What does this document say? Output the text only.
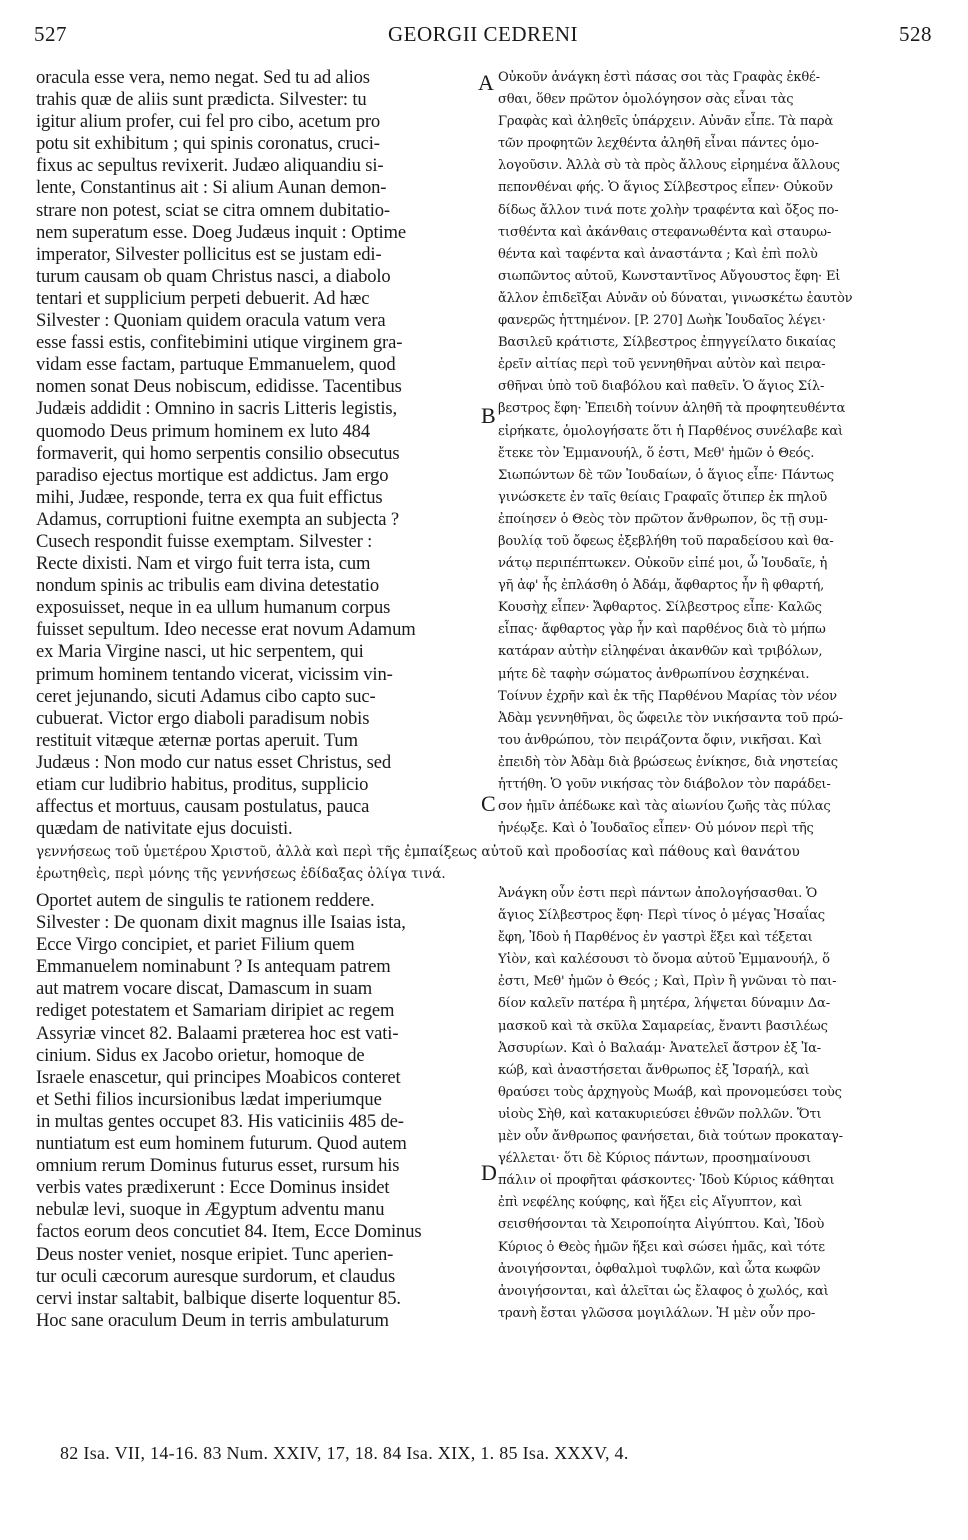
527	GEORGII CEDRENI	528
oracula esse vera, nemo negat. Sed tu ad alios
trahis quæ de aliis sunt prædicta. Silvester: tu
igitur alium profer, cui fel pro cibo, acetum pro
potu sit exhibitum ; qui spinis coronatus, cruci-
fixus ac sepultus revixerit. Judæo aliquandiu si-
lente, Constantinus ait : Si alium Aunan demon-
strare non potest, sciat se citra omnem dubitatio-
nem superatum esse. Doeg Judæus inquit : Optime
imperator, Silvester pollicitus est se justam edi-
turum causam ob quam Christus nasci, a diabolo
tentari et supplicium perpeti debuerit. Ad hæc
Silvester : Quoniam quidem oracula vatum vera
esse fassi estis, confitebimini utique virginem gra-
vidam esse factam, partuque Emmanuelem, quod
nomen sonat Deus nobiscum, edidisse. Tacentibus
Judæis addidit : Omnino in sacris Litteris legistis,
quomodo Deus primum hominem ex luto 484
formaverit, qui homo serpentis consilio obsecutus
paradiso ejectus mortique est addictus. Jam ergo
mihi, Judæe, responde, terra ex qua fuit effictus
Adamus, corruptioni fuitne exempta an subjecta ?
Cusech respondit fuisse exemptam. Silvester :
Recte dixisti. Nam et virgo fuit terra ista, cum
nondum spinis ac tribulis eam divina detestatio
exposuisset, neque in ea ullum humanum corpus
fuisset sepultum. Ideo necesse erat novum Adamum
ex Maria Virgine nasci, ut hic serpentem, qui
primum hominem tentando vicerat, vicissim vin-
ceret jejunando, sicuti Adamus cibo capto suc-
cubuerat. Victor ergo diaboli paradisum nobis
restituit vitæque æternæ portas aperuit. Tum
Judæus : Non modo cur natus esset Christus, sed
etiam cur ludibrio habitus, proditus, supplicio
affectus et mortuus, causam postulatus, pauca
quædam de nativitate ejus docuisti.
Οὐκοῦν ἀνάγκη ἐστὶ πάσας σοι τὰς Γραφὰς ἐκθέ-
σθαι, ὅθεν πρῶτον ὁμολόγησον σὰς εἶναι τὰς
Γραφὰς καὶ ἀληθεῖς ὑπάρχειν. Αὐνᾶν εἶπε. Τὰ παρὰ
τῶν προφητῶν λεχθέντα ἀληθῆ εἶναι πάντες ὁμο-
λογοῦσιν. Ἀλλὰ σὺ τὰ πρὸς ἄλλους εἰρημένα ἄλλους
πεπονθέναι φής. Ὁ ἅγιος Σίλβεστρος εἶπεν· Οὐκοῦν
δίδως ἄλλον τινά ποτε χολὴν τραφέντα καὶ ὄξος πο-
τισθέντα καὶ ἀκάνθαις στεφανωθέντα καὶ σταυρω-
θέντα καὶ ταφέντα καὶ ἀναστάντα ; Καὶ ἐπὶ πολὺ
σιωπῶντος αὐτοῦ, Κωνσταντῖνος Αὔγουστος ἔφη· Εἰ
ἄλλον ἐπιδεῖξαι Αὐνᾶν οὐ δύναται, γινωσκέτω ἑαυτὸν
φανερῶς ἡττημένον. [P. 270] Δωὴκ Ἰουδαῖος λέγει·
Βασιλεῦ κράτιστε, Σίλβεστρος ἐπηγγείλατο δικαίας
ἐρεῖν αἰτίας περὶ τοῦ γεννηθῆναι αὐτὸν καὶ πειρα-
σθῆναι ὑπὸ τοῦ διαβόλου καὶ παθεῖν. Ὁ ἅγιος Σίλ-
βεστρος ἔφη· Ἐπειδὴ τοίνυν ἀληθῆ τὰ προφητευθέντα
εἰρήκατε, ὁμολογήσατε ὅτι ἡ Παρθένος συνέλαβε καὶ
ἔτεκε τὸν Ἐμμανουήλ, ὅ ἐστι, Μεθ' ἡμῶν ὁ Θεός.
Σιωπώντων δὲ τῶν Ἰουδαίων, ὁ ἅγιος εἶπε· Πάντως
γινώσκετε ἐν ταῖς θείαις Γραφαῖς ὅτιπερ ἐκ πηλοῦ
ἐποίησεν ὁ Θεὸς τὸν πρῶτον ἄνθρωπον, ὃς τῇ συμ-
βουλίᾳ τοῦ ὄφεως ἐξεβλήθη τοῦ παραδείσου καὶ θα-
νάτῳ περιπέπτωκεν. Οὐκοῦν εἰπέ μοι, ὦ Ἰουδαῖε, ἡ
γῆ ἀφ' ἧς ἐπλάσθη ὁ Ἀδάμ, ἄφθαρτος ἦν ἢ φθαρτή,
Κουσὴχ εἶπεν· Ἄφθαρτος. Σίλβεστρος εἶπε· Καλῶς
εἶπας· ἄφθαρτος γὰρ ἦν καὶ παρθένος διὰ τὸ μήπω
κατάραν αὐτὴν εἰληφέναι ἀκανθῶν καὶ τριβόλων,
μήτε δὲ ταφὴν σώματος ἀνθρωπίνου ἐσχηκέναι.
Τοίνυν ἐχρῆν καὶ ἐκ τῆς Παρθένου Μαρίας τὸν νέον
Ἀδὰμ γεννηθῆναι, ὃς ὤφειλε τὸν νικήσαντα τοῦ πρώ-
του ἀνθρώπου, τὸν πειράζοντα ὄφιν, νικῆσαι. Καὶ
ἐπειδὴ τὸν Ἀδὰμ διὰ βρώσεως ἐνίκησε, διὰ νηστείας
ἡττήθη. Ὁ γοῦν νικήσας τὸν διάβολον τὸν παράδει-
σον ἡμῖν ἀπέδωκε καὶ τὰς αἰωνίου ζωῆς τὰς πύλας
ἠνέῳξε. Καὶ ὁ Ἰουδαῖος εἶπεν· Οὐ μόνον περὶ τῆς
γεννήσεως τοῦ ὑμετέρου Χριστοῦ, ἀλλὰ καὶ περὶ τῆς ἐμπαίξεως αὐτοῦ καὶ προδοσίας καὶ πάθους καὶ θανάτου
ἐρωτηθεὶς, περὶ μόνης τῆς γεννήσεως ἐδίδαξας ὀλίγα τινά.
Oportet autem de singulis te rationem reddere.
Silvester : De quonam dixit magnus ille Isaias ista,
Ecce Virgo concipiet, et pariet Filium quem
Emmanuelem nominabunt ? Is antequam patrem
aut matrem vocare discat, Damascum in suam
rediget potestatem et Samariam diripiet ac regem
Assyriæ vincet 82. Balaami præterea hoc est vati-
cinium. Sidus ex Jacobo orietur, homoque de
Israele enascetur, qui principes Moabicos conteret
et Sethi filios incursionibus lædat imperiumque
in multas gentes occupet 83. His vaticiniis 485 de-
nuntiatum est eum hominem futurum. Quod autem
omnium rerum Dominus futurus esset, rursum his
verbis vates prædixerunt : Ecce Dominus insidet
nebulæ levi, suoque in Ægyptum adventu manu
factos eorum deos concutiet 84. Item, Ecce Dominus
Deus noster veniet, nosque eripiet. Tunc aperien-
tur oculi cæcorum auresque surdorum, et claudus
cervi instar saltabit, balbique diserte loquentur 85.
Hoc sane oraculum Deum in terris ambulaturum
Ἀνάγκη οὖν ἐστι περὶ πάντων ἀπολογήσασθαι. Ὁ
ἅγιος Σίλβεστρος ἔφη· Περὶ τίνος ὁ μέγας Ἡσαΐας
ἔφη, Ἰδοὺ ἡ Παρθένος ἐν γαστρὶ ἕξει καὶ τέξεται
Υἱὸν, καὶ καλέσουσι τὸ ὄνομα αὐτοῦ Ἐμμανουήλ, ὅ
ἐστι, Μεθ' ἡμῶν ὁ Θεός ; Καὶ, Πρὶν ἢ γνῶναι τὸ παι-
δίον καλεῖν πατέρα ἢ μητέρα, λήψεται δύναμιν Δα-
μασκοῦ καὶ τὰ σκῦλα Σαμαρείας, ἔναντι βασιλέως
Ἀσσυρίων. Καὶ ὁ Βαλαάμ· Ἀνατελεῖ ἄστρον ἐξ Ἰα-
κώβ, καὶ ἀναστήσεται ἄνθρωπος ἐξ Ἰσραήλ, καὶ
θραύσει τοὺς ἀρχηγοὺς Μωάβ, καὶ προνομεύσει τοὺς
υἱοὺς Σὴθ, καὶ κατακυριεύσει ἐθνῶν πολλῶν. Ὅτι
μὲν οὖν ἄνθρωπος φανήσεται, διὰ τούτων προκαταγ-
γέλλεται· ὅτι δὲ Κύριος πάντων, προσημαίνουσι
πάλιν οἱ προφῆται φάσκοντες· Ἰδοὺ Κύριος κάθηται
ἐπὶ νεφέλης κούφης, καὶ ἥξει εἰς Αἴγυπτον, καὶ
σεισθήσονται τὰ Χειροποίητα Αἰγύπτου. Καὶ, Ἰδοὺ
Κύριος ὁ Θεὸς ἡμῶν ἥξει καὶ σώσει ἡμᾶς, καὶ τότε
ἀνοιγήσονται, ὀφθαλμοὶ τυφλῶν, καὶ ὦτα κωφῶν
ἀνοιγήσονται, καὶ ἁλεῖται ὡς ἔλαφος ὁ χωλός, καὶ
τρανὴ ἔσται γλῶσσα μογιλάλων. Ἡ μὲν οὖν προ-
A
B
C
D
82 Isa. VII, 14-16. 83 Num. XXIV, 17, 18. 84 Isa. XIX, 1. 85 Isa. XXXV, 4.
